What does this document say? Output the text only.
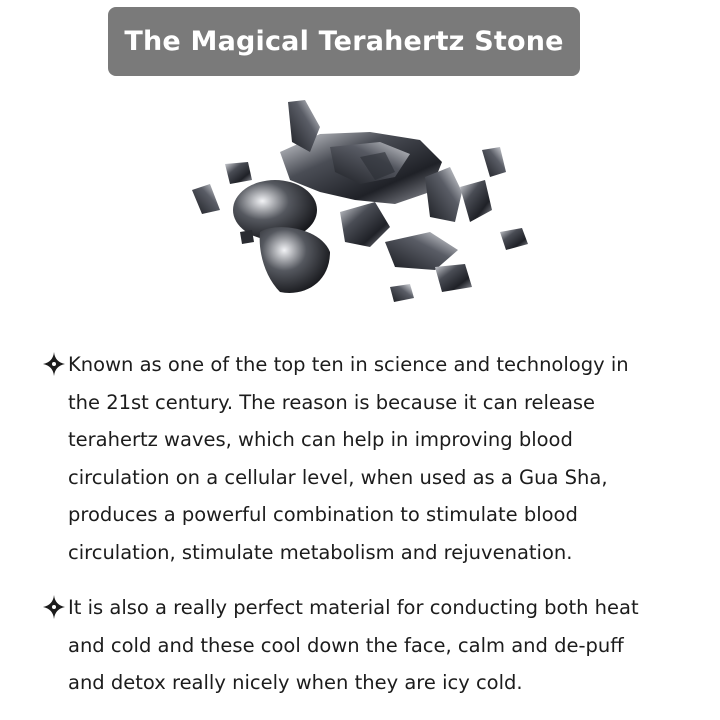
The Magical Terahertz Stone
Known as one of the top ten in science and technology in
the 21st century. The reason is because it can release
terahertz waves, which can help in improving blood
circulation on a cellular level, when used as a Gua Sha,
produces a powerful combination to stimulate blood
circulation, stimulate metabolism and rejuvenation.
It is also a really perfect material for conducting both heat
and cold and these cool down the face, calm and de-puff
and detox really nicely when they are icy cold.
